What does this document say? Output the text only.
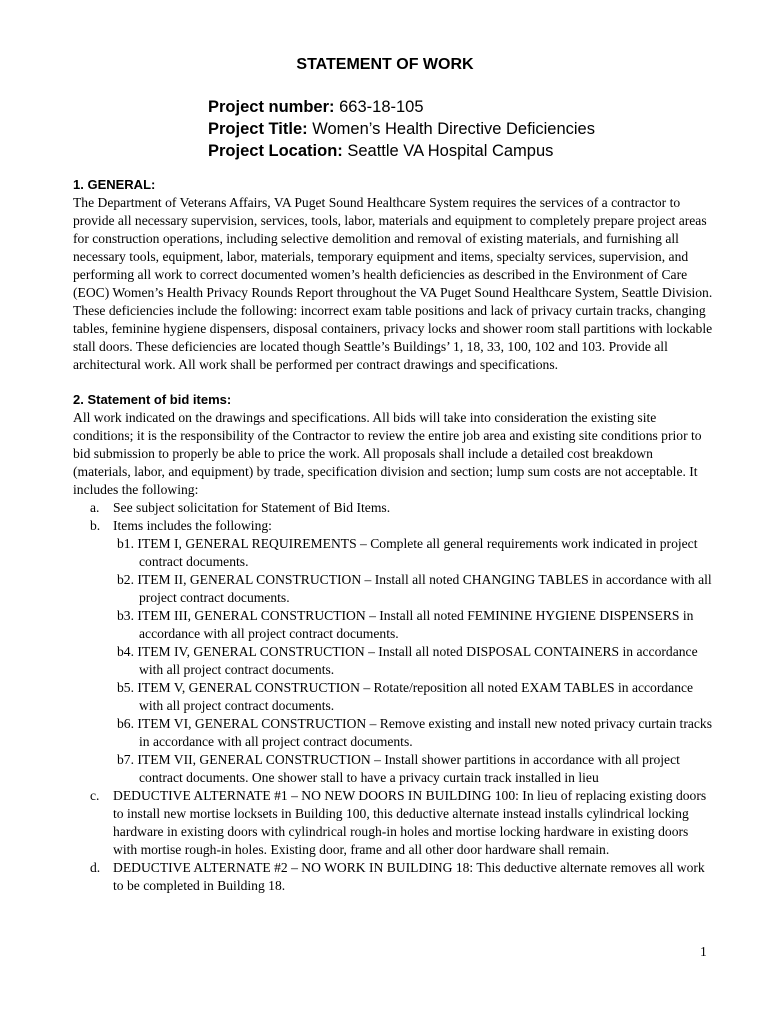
STATEMENT OF WORK
Project number: 663-18-105
Project Title: Women’s Health Directive Deficiencies
Project Location: Seattle VA Hospital Campus
1. GENERAL:

The Department of Veterans Affairs, VA Puget Sound Healthcare System requires the services of a contractor to provide all necessary supervision, services, tools, labor, materials and equipment to completely prepare project areas for construction operations, including selective demolition and removal of existing materials, and furnishing all necessary tools, equipment, labor, materials, temporary equipment and items, specialty services, supervision, and performing all work to correct documented women’s health deficiencies as described in the Environment of Care (EOC) Women’s Health Privacy Rounds Report throughout the VA Puget Sound Healthcare System, Seattle Division. These deficiencies include the following: incorrect exam table positions and lack of privacy curtain tracks, changing tables, feminine hygiene dispensers, disposal containers, privacy locks and shower room stall partitions with lockable stall doors. These deficiencies are located though Seattle’s Buildings’ 1, 18, 33, 100, 102 and 103. Provide all architectural work. All work shall be performed per contract drawings and specifications.

2. Statement of bid items:

All work indicated on the drawings and specifications. All bids will take into consideration the existing site conditions; it is the responsibility of the Contractor to review the entire job area and existing site conditions prior to bid submission to properly be able to price the work. All proposals shall include a detailed cost breakdown (materials, labor, and equipment) by trade, specification division and section; lump sum costs are not acceptable. It includes the following:

a. See subject solicitation for Statement of Bid Items.
b. Items includes the following:
b1. ITEM I, GENERAL REQUIREMENTS – Complete all general requirements work indicated in project contract documents.
b2. ITEM II, GENERAL CONSTRUCTION – Install all noted CHANGING TABLES in accordance with all project contract documents.
b3. ITEM III, GENERAL CONSTRUCTION – Install all noted FEMININE HYGIENE DISPENSERS in accordance with all project contract documents.
b4. ITEM IV, GENERAL CONSTRUCTION – Install all noted DISPOSAL CONTAINERS in accordance with all project contract documents.
b5. ITEM V, GENERAL CONSTRUCTION – Rotate/reposition all noted EXAM TABLES in accordance with all project contract documents.
b6. ITEM VI, GENERAL CONSTRUCTION – Remove existing and install new noted privacy curtain tracks in accordance with all project contract documents.
b7. ITEM VII, GENERAL CONSTRUCTION – Install shower partitions in accordance with all project contract documents. One shower stall to have a privacy curtain track installed in lieu
c. DEDUCTIVE ALTERNATE #1 – NO NEW DOORS IN BUILDING 100: In lieu of replacing existing doors to install new mortise locksets in Building 100, this deductive alternate instead installs cylindrical locking hardware in existing doors with cylindrical rough-in holes and mortise locking hardware in existing doors with mortise rough-in holes. Existing door, frame and all other door hardware shall remain.
d. DEDUCTIVE ALTERNATE #2 – NO WORK IN BUILDING 18: This deductive alternate removes all work to be completed in Building 18.
1
